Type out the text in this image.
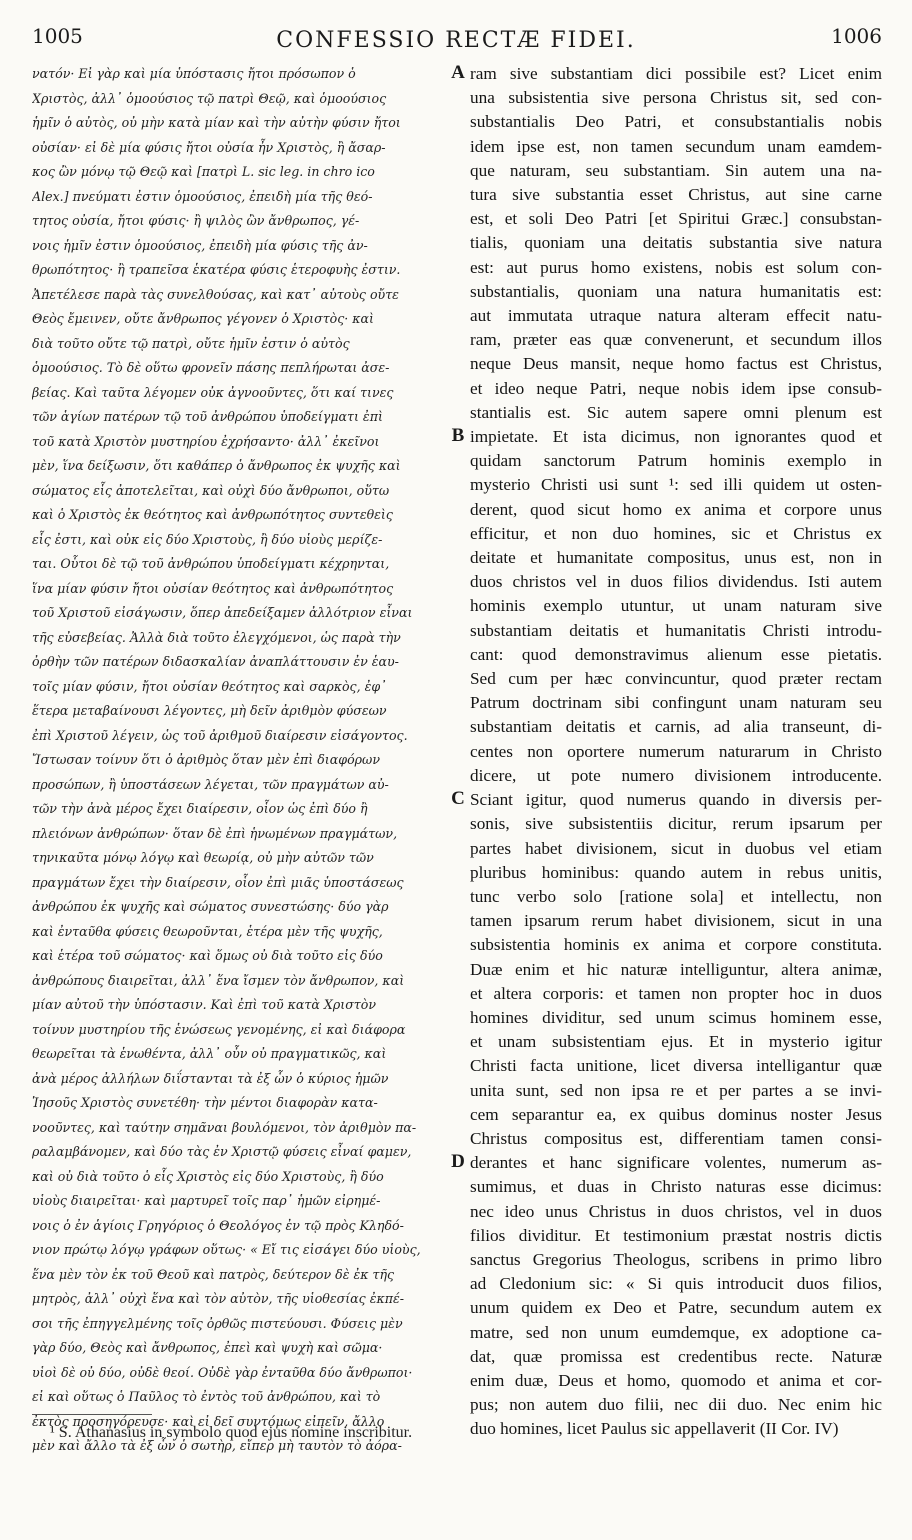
1005	CONFESSIO RECTÆ FIDEI.	1006
νατόν· Εἰ γὰρ καὶ μία ὑπόστασις ἤτοι πρόσωπον ὁ
Χριστὸς, ἀλλ᾽ ὁμοούσιος τῷ πατρὶ Θεῷ, καὶ ὁμοούσιος
ἡμῖν ὁ αὐτὸς, οὐ μὴν κατὰ μίαν καὶ τὴν αὐτὴν φύσιν ἤτοι
οὐσίαν· εἰ δὲ μία φύσις ἤτοι οὐσία ἦν Χριστὸς, ἢ ἄσαρ-
κος ὢν μόνῳ τῷ Θεῷ καὶ [πατρὶ L. sic leg. in chro ico
Alex.] πνεύματι ἐστιν ὁμοούσιος, ἐπειδὴ μία τῆς θεό-
τητος οὐσία, ἤτοι φύσις· ἢ ψιλὸς ὢν ἄνθρωπος, γέ-
νοις ἡμῖν ἐστιν ὁμοούσιος, ἐπειδὴ μία φύσις τῆς ἀν-
θρωπότητος· ἢ τραπεῖσα ἑκατέρα φύσις ἑτεροφυὴς ἐστιν.
Ἀπετέλεσε παρὰ τὰς συνελθούσας, καὶ κατ᾽ αὐτοὺς οὔτε
Θεὸς ἔμεινεν, οὔτε ἄνθρωπος γέγονεν ὁ Χριστὸς· καὶ
διὰ τοῦτο οὔτε τῷ πατρὶ, οὔτε ἡμῖν ἐστιν ὁ αὐτὸς
ὁμοούσιος. Τὸ δὲ οὕτω φρονεῖν πάσης πεπλήρωται ἀσε-
βείας. Καὶ ταῦτα λέγομεν οὐκ ἀγνοοῦντες, ὅτι καί τινες
τῶν ἁγίων πατέρων τῷ τοῦ ἀνθρώπου ὑποδείγματι ἐπὶ
τοῦ κατὰ Χριστὸν μυστηρίου ἐχρήσαντο· ἀλλ᾽ ἐκεῖνοι
μὲν, ἵνα δείξωσιν, ὅτι καθάπερ ὁ ἄνθρωπος ἐκ ψυχῆς καὶ
σώματος εἷς ἀποτελεῖται, καὶ οὐχὶ δύο ἄνθρωποι, οὕτω
καὶ ὁ Χριστὸς ἐκ θεότητος καὶ ἀνθρωπότητος συντεθεὶς
εἷς ἐστι, καὶ οὐκ εἰς δύο Χριστοὺς, ἢ δύο υἱοὺς μερίζε-
ται. Οὗτοι δὲ τῷ τοῦ ἀνθρώπου ὑποδείγματι κέχρηνται,
ἵνα μίαν φύσιν ἤτοι οὐσίαν θεότητος καὶ ἀνθρωπότητος
τοῦ Χριστοῦ εἰσάγωσιν, ὅπερ ἀπεδείξαμεν ἀλλότριον εἶναι
τῆς εὐσεβείας. Ἀλλὰ διὰ τοῦτο ἐλεγχόμενοι, ὡς παρὰ τὴν
ὀρθὴν τῶν πατέρων διδασκαλίαν ἀναπλάττουσιν ἐν ἑαυ-
τοῖς μίαν φύσιν, ἤτοι οὐσίαν θεότητος καὶ σαρκὸς, ἐφ᾽
ἕτερα μεταβαίνουσι λέγοντες, μὴ δεῖν ἀριθμὸν φύσεων
ἐπὶ Χριστοῦ λέγειν, ὡς τοῦ ἀριθμοῦ διαίρεσιν εἰσάγοντος.
Ἴστωσαν τοίνυν ὅτι ὁ ἀριθμὸς ὅταν μὲν ἐπὶ διαφόρων
προσώπων, ἢ ὑποστάσεων λέγεται, τῶν πραγμάτων αὐ-
τῶν τὴν ἀνὰ μέρος ἔχει διαίρεσιν, οἷον ὡς ἐπὶ δύο ἢ
πλειόνων ἀνθρώπων· ὅταν δὲ ἐπὶ ἡνωμένων πραγμάτων,
τηνικαῦτα μόνῳ λόγῳ καὶ θεωρίᾳ, οὐ μὴν αὐτῶν τῶν
πραγμάτων ἔχει τὴν διαίρεσιν, οἷον ἐπὶ μιᾶς ὑποστάσεως
ἀνθρώπου ἐκ ψυχῆς καὶ σώματος συνεστώσης· δύο γὰρ
καὶ ἐνταῦθα φύσεις θεωροῦνται, ἑτέρα μὲν τῆς ψυχῆς,
καὶ ἑτέρα τοῦ σώματος· καὶ ὅμως οὐ διὰ τοῦτο εἰς δύο
ἀνθρώπους διαιρεῖται, ἀλλ᾽ ἕνα ἴσμεν τὸν ἄνθρωπον, καὶ
μίαν αὐτοῦ τὴν ὑπόστασιν. Καὶ ἐπὶ τοῦ κατὰ Χριστὸν
τοίνυν μυστηρίου τῆς ἑνώσεως γενομένης, εἰ καὶ διάφορα
θεωρεῖται τὰ ἑνωθέντα, ἀλλ᾽ οὖν οὐ πραγματικῶς, καὶ
ἀνὰ μέρος ἀλλήλων διΐστανται τὰ ἐξ ὧν ὁ κύριος ἡμῶν
Ἰησοῦς Χριστὸς συνετέθη· τὴν μέντοι διαφορὰν κατα-
νοοῦντες, καὶ ταύτην σημᾶναι βουλόμενοι, τὸν ἀριθμὸν πα-
ραλαμβάνομεν, καὶ δύο τὰς ἐν Χριστῷ φύσεις εἶναί φαμεν,
καὶ οὐ διὰ τοῦτο ὁ εἷς Χριστὸς εἰς δύο Χριστοὺς, ἢ δύο
υἱοὺς διαιρεῖται· καὶ μαρτυρεῖ τοῖς παρ᾽ ἡμῶν εἰρημέ-
νοις ὁ ἐν ἁγίοις Γρηγόριος ὁ Θεολόγος ἐν τῷ πρὸς Κληδό-
νιον πρώτῳ λόγῳ γράφων οὕτως· « Εἴ τις εἰσάγει δύο υἱοὺς,
ἕνα μὲν τὸν ἐκ τοῦ Θεοῦ καὶ πατρὸς, δεύτερον δὲ ἐκ τῆς
μητρὸς, ἀλλ᾽ οὐχὶ ἕνα καὶ τὸν αὐτὸν, τῆς υἱοθεσίας ἐκπέ-
σοι τῆς ἐπηγγελμένης τοῖς ὀρθῶς πιστεύουσι. Φύσεις μὲν
γὰρ δύο, Θεὸς καὶ ἄνθρωπος, ἐπεὶ καὶ ψυχὴ καὶ σῶμα·
υἱοὶ δὲ οὐ δύο, οὐδὲ θεοί. Οὐδὲ γὰρ ἐνταῦθα δύο ἄνθρωποι·
εἰ καὶ οὕτως ὁ Παῦλος τὸ ἐντὸς τοῦ ἀνθρώπου, καὶ τὸ
ἐκτὸς προσηγόρευσε· καὶ εἰ δεῖ συντόμως εἰπεῖν, ἄλλο
μὲν καὶ ἄλλο τὰ ἐξ ὧν ὁ σωτὴρ, εἴπερ μὴ ταυτὸν τὸ ἀόρα-
ram sive substantiam dici possibile est? Licet enim
una subsistentia sive persona Christus sit, sed con-
substantialis Deo Patri, et consubstantialis nobis
idem ipse est, non tamen secundum unam eamdem-
que naturam, seu substantiam. Sin autem una na-
tura sive substantia esset Christus, aut sine carne
est, et soli Deo Patri [et Spiritui Græc.] consubstan-
tialis, quoniam una deitatis substantia sive natura
est: aut purus homo existens, nobis est solum con-
substantialis, quoniam una natura humanitatis est:
aut immutata utraque natura alteram effecit natu-
ram, præter eas quæ convenerunt, et secundum illos
neque Deus mansit, neque homo factus est Christus,
et ideo neque Patri, neque nobis idem ipse consub-
stantialis est. Sic autem sapere omni plenum est
impietate. Et ista dicimus, non ignorantes quod et
quidam sanctorum Patrum hominis exemplo in
mysterio Christi usi sunt ¹: sed illi quidem ut osten-
derent, quod sicut homo ex anima et corpore unus
efficitur, et non duo homines, sic et Christus ex
deitate et humanitate compositus, unus est, non in
duos christos vel in duos filios dividendus. Isti autem
hominis exemplo utuntur, ut unam naturam sive
substantiam deitatis et humanitatis Christi introdu-
cant: quod demonstravimus alienum esse pietatis.
Sed cum per hæc convincuntur, quod præter rectam
Patrum doctrinam sibi confingunt unam naturam seu
substantiam deitatis et carnis, ad alia transeunt, di-
centes non oportere numerum naturarum in Christo
dicere, ut pote numero divisionem introducente.
Sciant igitur, quod numerus quando in diversis per-
sonis, sive subsistentiis dicitur, rerum ipsarum per
partes habet divisionem, sicut in duobus vel etiam
pluribus hominibus: quando autem in rebus unitis,
tunc verbo solo [ratione sola] et intellectu, non
tamen ipsarum rerum habet divisionem, sicut in una
subsistentia hominis ex anima et corpore constituta.
Duæ enim et hic naturæ intelliguntur, altera animæ,
et altera corporis: et tamen non propter hoc in duos
homines dividitur, sed unum scimus hominem esse,
et unam subsistentiam ejus. Et in mysterio igitur
Christi facta unitione, licet diversa intelligantur quæ
unita sunt, sed non ipsa re et per partes a se invi-
cem separantur ea, ex quibus dominus noster Jesus
Christus compositus est, differentiam tamen consi-
derantes et hanc significare volentes, numerum as-
sumimus, et duas in Christo naturas esse dicimus:
nec ideo unus Christus in duos christos, vel in duos
filios dividitur. Et testimonium præstat nostris dictis
sanctus Gregorius Theologus, scribens in primo libro
ad Cledonium sic: « Si quis introducit duos filios,
unum quidem ex Deo et Patre, secundum autem ex
matre, sed non unum eumdemque, ex adoptione ca-
dat, quæ promissa est credentibus recte. Naturæ
enim duæ, Deus et homo, quomodo et anima et cor-
pus; non autem duo filii, nec dii duo. Nec enim hic
duo homines, licet Paulus sic appellaverit (II Cor. IV)
A
B
C
D
¹ S. Athanasius in symbolo quod ejus nomine inscribitur.
